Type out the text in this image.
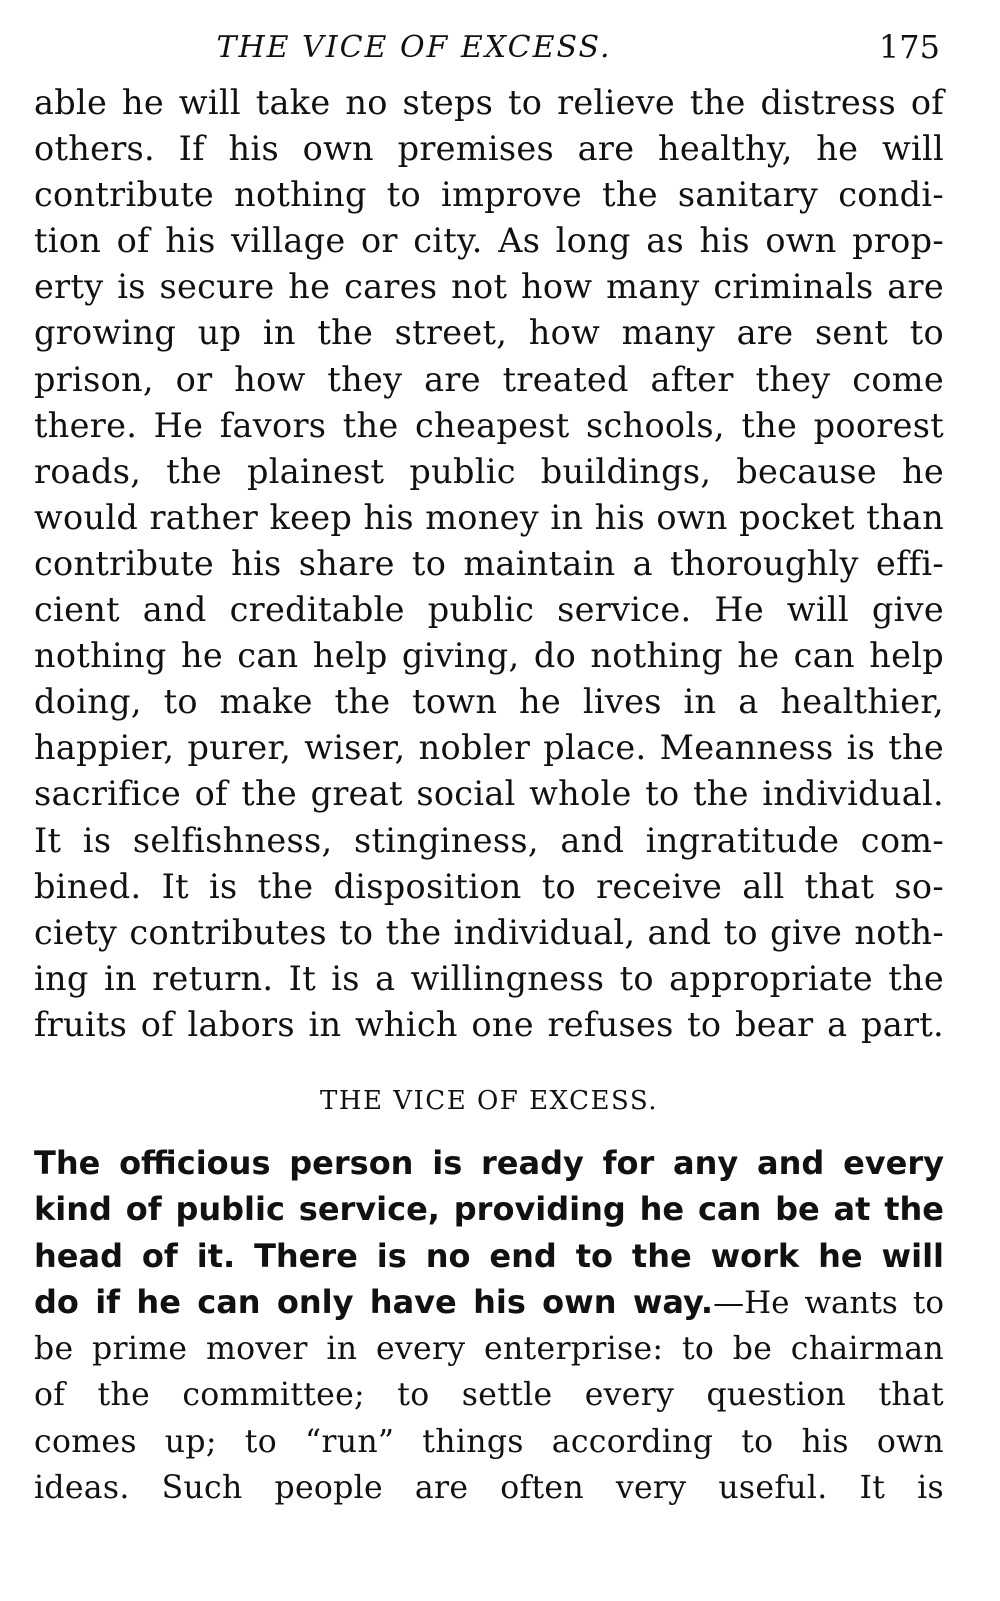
THE VICE OF EXCESS.	175
able he will take no steps to relieve the distress of
others. If his own premises are healthy, he will
contribute nothing to improve the sanitary condi-
tion of his village or city. As long as his own prop-
erty is secure he cares not how many criminals are
growing up in the street, how many are sent to
prison, or how they are treated after they come
there. He favors the cheapest schools, the poorest
roads, the plainest public buildings, because he
would rather keep his money in his own pocket than
contribute his share to maintain a thoroughly effi-
cient and creditable public service. He will give
nothing he can help giving, do nothing he can help
doing, to make the town he lives in a healthier,
happier, purer, wiser, nobler place. Meanness is the
sacrifice of the great social whole to the individual.
It is selfishness, stinginess, and ingratitude com-
bined. It is the disposition to receive all that so-
ciety contributes to the individual, and to give noth-
ing in return. It is a willingness to appropriate the
fruits of labors in which one refuses to bear a part.
THE VICE OF EXCESS.
The officious person is ready for any and every
kind of public service, providing he can be at the
head of it. There is no end to the work he will
do if he can only have his own way.—He wants to
be prime mover in every enterprise: to be chairman
of the committee; to settle every question that
comes up; to “run” things according to his own
ideas. Such people are often very useful. It is
